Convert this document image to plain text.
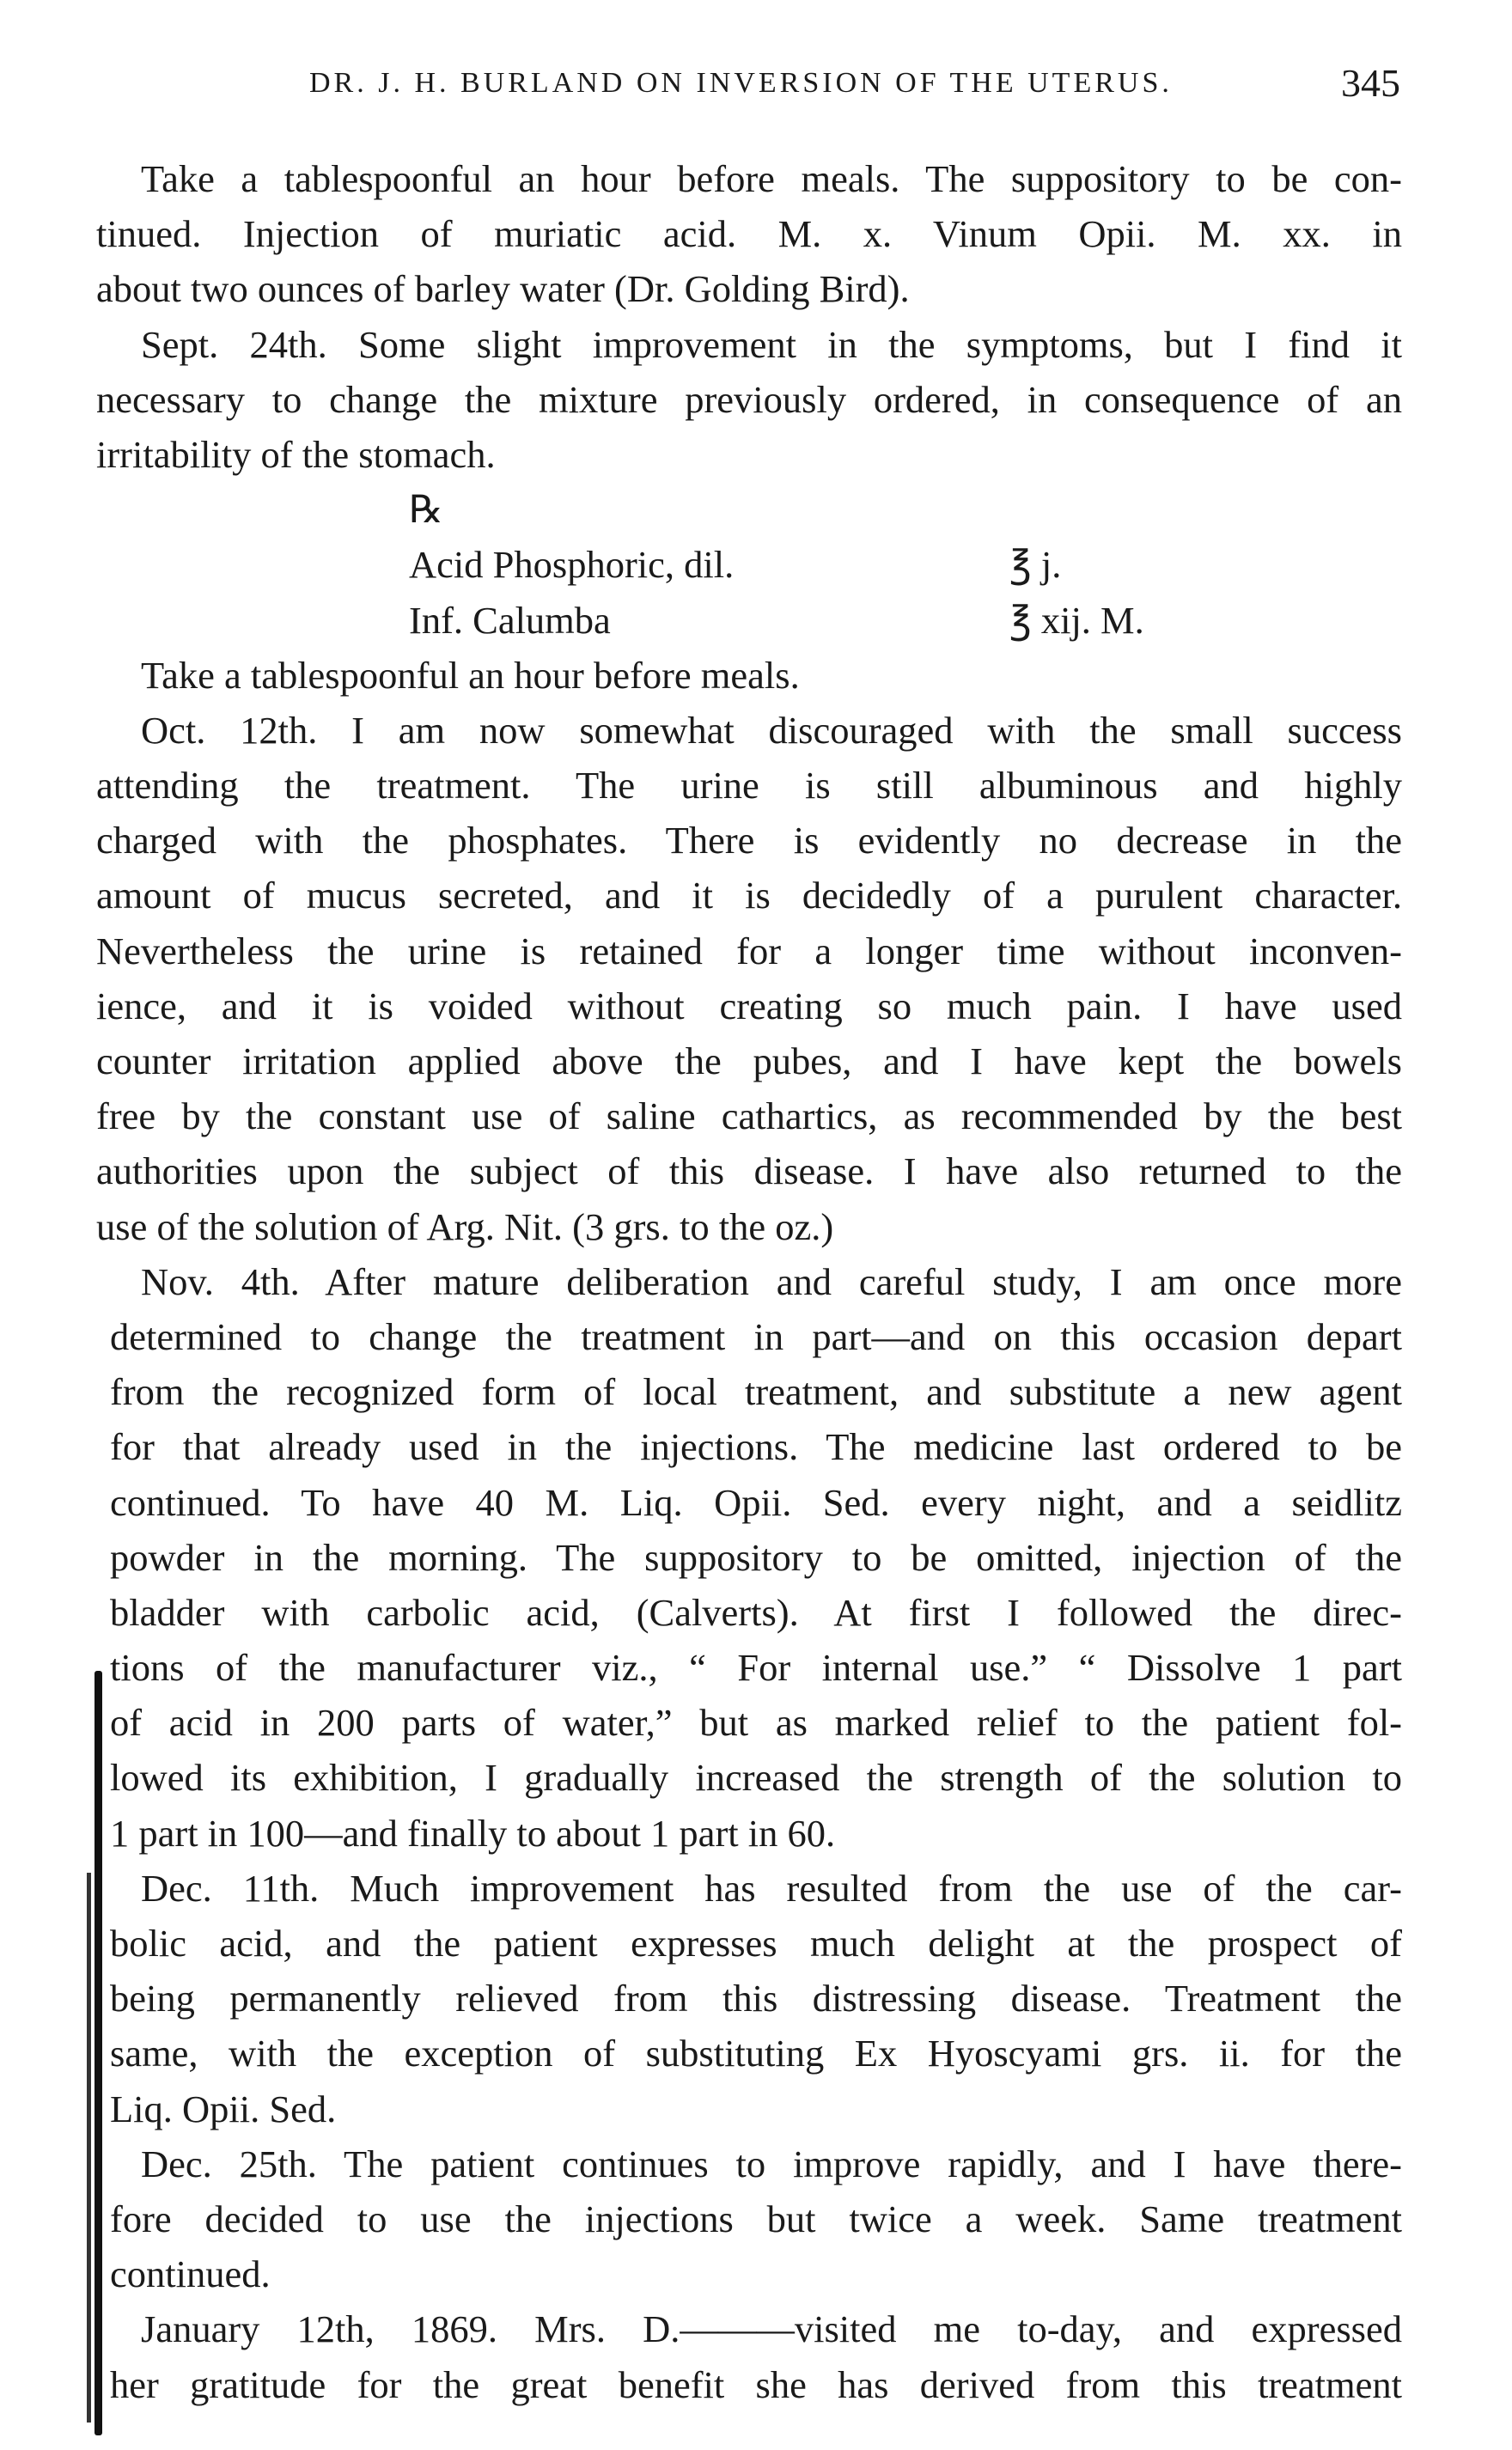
DR. J. H. BURLAND ON INVERSION OF THE UTERUS.	345
Take a tablespoonful an hour before meals. The suppository to be con-
tinued. Injection of muriatic acid. M. x. Vinum Opii. M. xx. in
about two ounces of barley water (Dr. Golding Bird).
Sept. 24th. Some slight improvement in the symptoms, but I find it
necessary to change the mixture previously ordered, in consequence of an
irritability of the stomach.
℞
Acid Phosphoric, dil.	℥ j.
Inf. Calumba	℥ xij. M.
Take a tablespoonful an hour before meals.
Oct. 12th. I am now somewhat discouraged with the small success
attending the treatment. The urine is still albuminous and highly
charged with the phosphates. There is evidently no decrease in the
amount of mucus secreted, and it is decidedly of a purulent character.
Nevertheless the urine is retained for a longer time without inconven-
ience, and it is voided without creating so much pain. I have used
counter irritation applied above the pubes, and I have kept the bowels
free by the constant use of saline cathartics, as recommended by the best
authorities upon the subject of this disease. I have also returned to the
use of the solution of Arg. Nit. (3 grs. to the oz.)
Nov. 4th. After mature deliberation and careful study, I am once more
determined to change the treatment in part—and on this occasion depart
from the recognized form of local treatment, and substitute a new agent
for that already used in the injections. The medicine last ordered to be
continued. To have 40 M. Liq. Opii. Sed. every night, and a seidlitz
powder in the morning. The suppository to be omitted, injection of the
bladder with carbolic acid, (Calverts). At first I followed the direc-
tions of the manufacturer viz., “ For internal use.” “ Dissolve 1 part
of acid in 200 parts of water,” but as marked relief to the patient fol-
lowed its exhibition, I gradually increased the strength of the solution to
1 part in 100—and finally to about 1 part in 60.
Dec. 11th. Much improvement has resulted from the use of the car-
bolic acid, and the patient expresses much delight at the prospect of
being permanently relieved from this distressing disease. Treatment the
same, with the exception of substituting Ex Hyoscyami grs. ii. for the
Liq. Opii. Sed.
Dec. 25th. The patient continues to improve rapidly, and I have there-
fore decided to use the injections but twice a week. Same treatment
continued.
January 12th, 1869. Mrs. D.———visited me to-day, and expressed
her gratitude for the great benefit she has derived from this treatment
